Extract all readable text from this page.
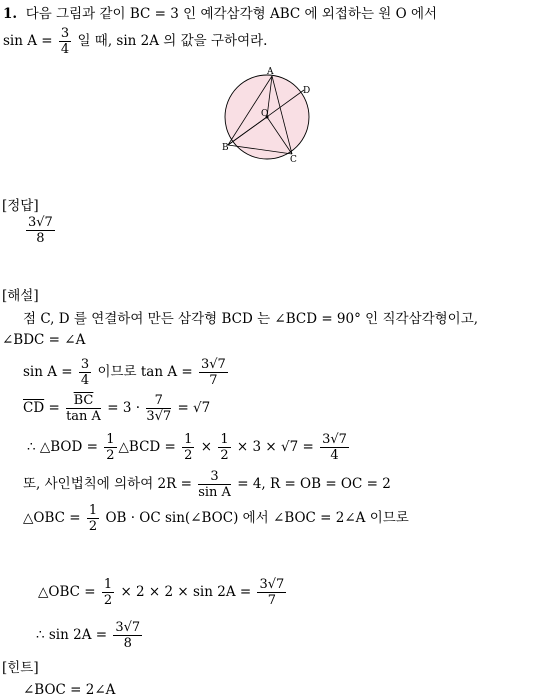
1. 다음 그림과 같이 BC = 3 인 예각삼각형 ABC 에 외접하는 원 O 에서
$\sin A = \frac{3}{4}$ 일 때, sin 2A 의 값을 구하여라.
A
D
O
B
C
[정답]
$\frac{3√7}{8}$
[해설]
점 C, D 를 연결하여 만든 삼각형 BCD 는 ∠BCD = 90° 인 직각삼각형이고,
∠BDC = ∠A
$\sin A = \frac{3}{4}$ 이므로 $\tan A = \frac{3√7}{7}$
$\overline{CD} = \frac{\overline{BC}}{\text{tan A}} = 3 \cdot \frac{7}{3√7} = √7$
∴ △BOD = $\frac{1}{2}$ △BCD = $\frac{1}{2} \times \frac{1}{2} \times 3 \times √7 = \frac{3√7}{4}$
또, 사인법칙에 의하여 $2R = \frac{3}{\text{sin A}} = 4$, R = OB = OC = 2
△OBC = $\frac{1}{2}$ OB · OC sin(∠BOC) 에서 ∠BOC = 2∠A 이므로
△OBC = $\frac{1}{2} \times 2 \times 2 \times \sin 2A = \frac{3√7}{7}$
∴ $\sin 2A = \frac{3√7}{8}$
[힌트]
∠BOC = 2∠A
